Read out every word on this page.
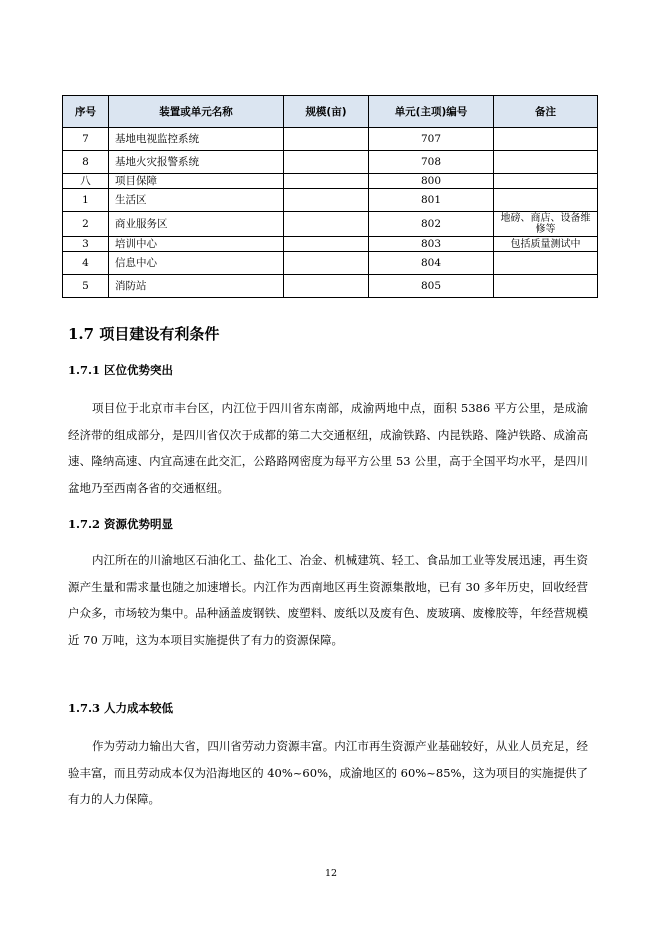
序号	装置或单元名称	规模(亩)	单元(主项)编号	备注
7	基地电视监控系统		707	
8	基地火灾报警系统		708	
八	项目保障		800	
1	生活区		801	
2	商业服务区		802	地磅、商店、设备维修等
3	培训中心		803	包括质量测试中
4	信息中心		804	
5	消防站		805	
1.7 项目建设有利条件
1.7.1 区位优势突出

项目位于北京市丰台区，内江位于四川省东南部，成渝两地中点，面积 5386 平方公里，是成渝经济带的组成部分，是四川省仅次于成都的第二大交通枢纽，成渝铁路、内昆铁路、隆泸铁路、成渝高速、隆纳高速、内宜高速在此交汇，公路路网密度为每平方公里 53 公里，高于全国平均水平，是四川盆地乃至西南各省的交通枢纽。

1.7.2 资源优势明显

内江所在的川渝地区石油化工、盐化工、冶金、机械建筑、轻工、食品加工业等发展迅速，再生资源产生量和需求量也随之加速增长。内江作为西南地区再生资源集散地，已有 30 多年历史，回收经营户众多，市场较为集中。品种涵盖废钢铁、废塑料、废纸以及废有色、废玻璃、废橡胶等，年经营规模近 70 万吨，这为本项目实施提供了有力的资源保障。

1.7.3 人力成本较低

作为劳动力输出大省，四川省劳动力资源丰富。内江市再生资源产业基础较好，从业人员充足，经验丰富，而且劳动成本仅为沿海地区的 40%~60%，成渝地区的 60%~85%，这为项目的实施提供了有力的人力保障。

12
